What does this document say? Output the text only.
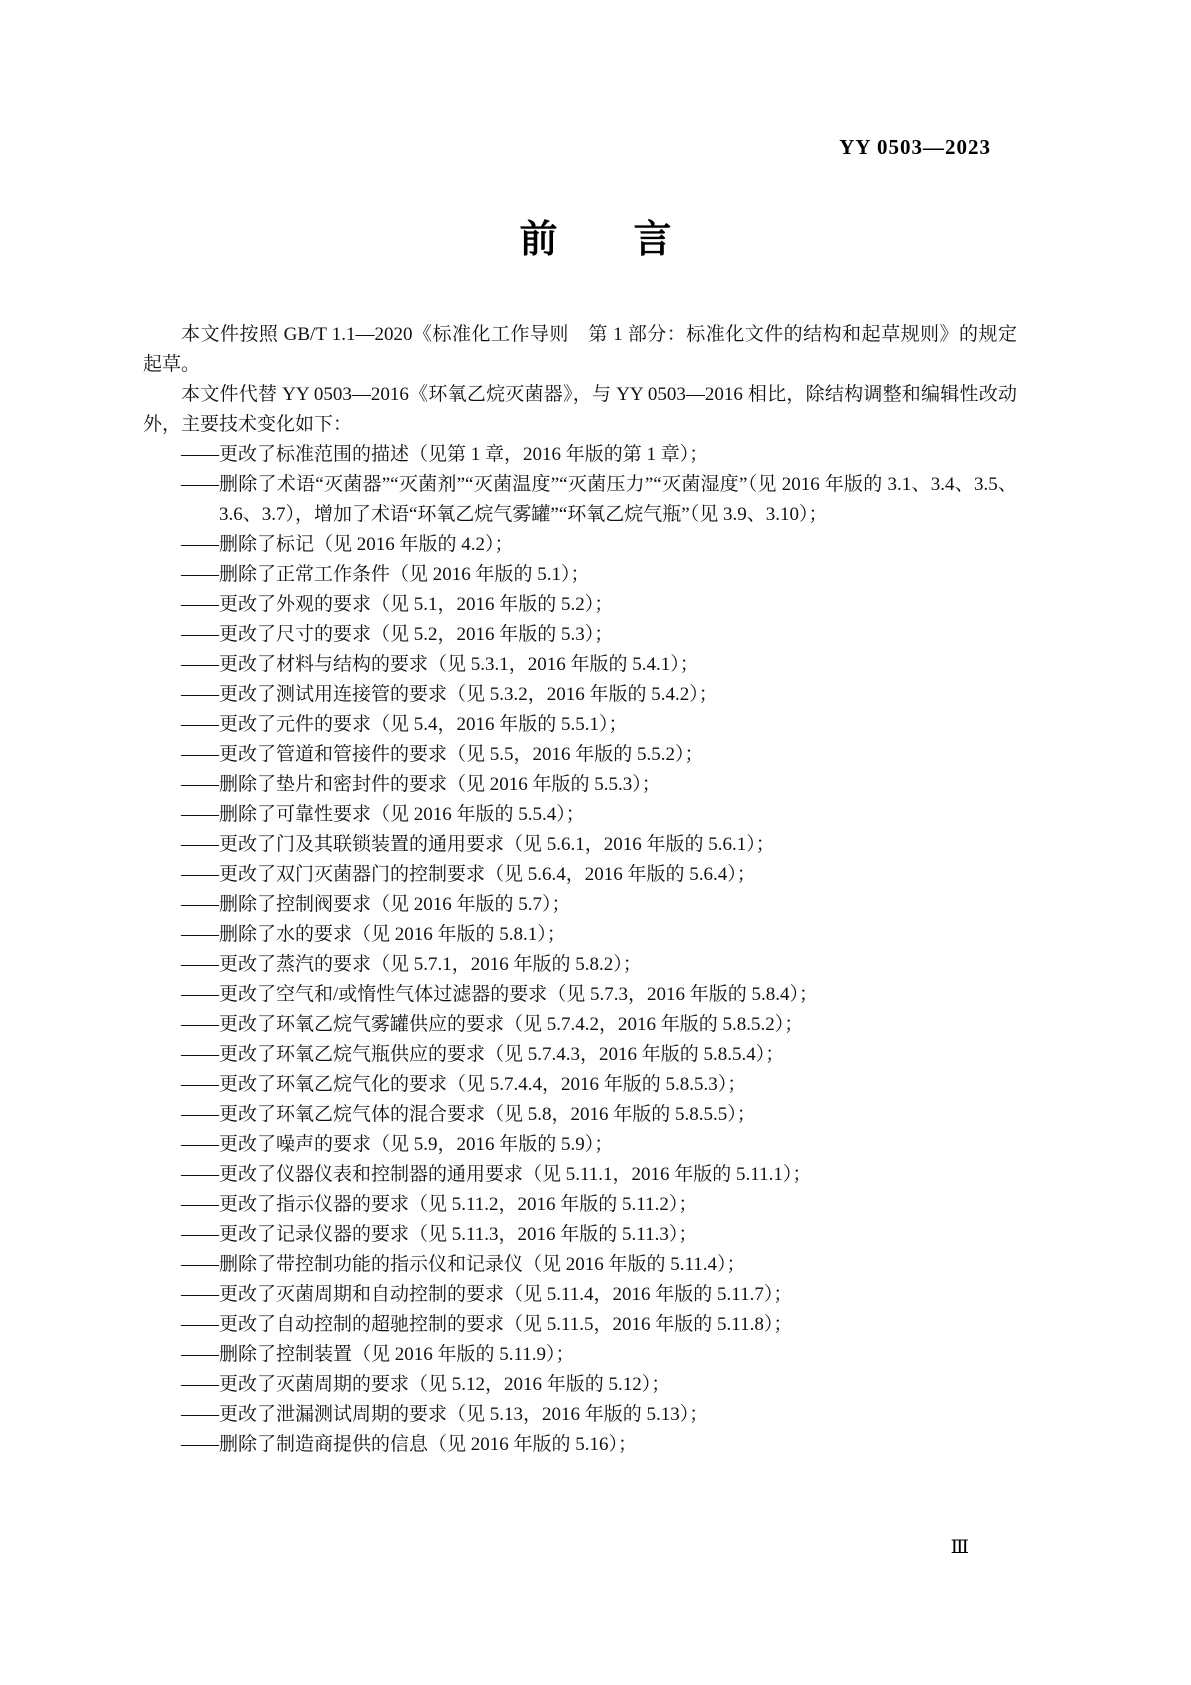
YY 0503—2023
前　　言

本文件按照 GB/T 1.1—2020《标准化工作导则　第 1 部分：标准化文件的结构和起草规则》的规定起草。

本文件代替 YY 0503—2016《环氧乙烷灭菌器》，与 YY 0503—2016 相比，除结构调整和编辑性改动外，主要技术变化如下：

—— 更改了标准范围的描述（见第 1 章，2016 年版的第 1 章）；
—— 删除了术语“灭菌器”“灭菌剂”“灭菌温度”“灭菌压力”“灭菌湿度”（见 2016 年版的 3.1、3.4、3.5、3.6、3.7），增加了术语“环氧乙烷气雾罐”“环氧乙烷气瓶”（见 3.9、3.10）；
—— 删除了标记（见 2016 年版的 4.2）；
—— 删除了正常工作条件（见 2016 年版的 5.1）；
—— 更改了外观的要求（见 5.1，2016 年版的 5.2）；
—— 更改了尺寸的要求（见 5.2，2016 年版的 5.3）；
—— 更改了材料与结构的要求（见 5.3.1，2016 年版的 5.4.1）；
—— 更改了测试用连接管的要求（见 5.3.2，2016 年版的 5.4.2）；
—— 更改了元件的要求（见 5.4，2016 年版的 5.5.1）；
—— 更改了管道和管接件的要求（见 5.5，2016 年版的 5.5.2）；
—— 删除了垫片和密封件的要求（见 2016 年版的 5.5.3）；
—— 删除了可靠性要求（见 2016 年版的 5.5.4）；
—— 更改了门及其联锁装置的通用要求（见 5.6.1，2016 年版的 5.6.1）；
—— 更改了双门灭菌器门的控制要求（见 5.6.4，2016 年版的 5.6.4）；
—— 删除了控制阀要求（见 2016 年版的 5.7）；
—— 删除了水的要求（见 2016 年版的 5.8.1）；
—— 更改了蒸汽的要求（见 5.7.1，2016 年版的 5.8.2）；
—— 更改了空气和/或惰性气体过滤器的要求（见 5.7.3，2016 年版的 5.8.4）；
—— 更改了环氧乙烷气雾罐供应的要求（见 5.7.4.2，2016 年版的 5.8.5.2）；
—— 更改了环氧乙烷气瓶供应的要求（见 5.7.4.3，2016 年版的 5.8.5.4）；
—— 更改了环氧乙烷气化的要求（见 5.7.4.4，2016 年版的 5.8.5.3）；
—— 更改了环氧乙烷气体的混合要求（见 5.8，2016 年版的 5.8.5.5）；
—— 更改了噪声的要求（见 5.9，2016 年版的 5.9）；
—— 更改了仪器仪表和控制器的通用要求（见 5.11.1，2016 年版的 5.11.1）；
—— 更改了指示仪器的要求（见 5.11.2，2016 年版的 5.11.2）；
—— 更改了记录仪器的要求（见 5.11.3，2016 年版的 5.11.3）；
—— 删除了带控制功能的指示仪和记录仪（见 2016 年版的 5.11.4）；
—— 更改了灭菌周期和自动控制的要求（见 5.11.4，2016 年版的 5.11.7）；
—— 更改了自动控制的超驰控制的要求（见 5.11.5，2016 年版的 5.11.8）；
—— 删除了控制装置（见 2016 年版的 5.11.9）；
—— 更改了灭菌周期的要求（见 5.12，2016 年版的 5.12）；
—— 更改了泄漏测试周期的要求（见 5.13，2016 年版的 5.13）；
—— 删除了制造商提供的信息（见 2016 年版的 5.16）；
Ⅲ
